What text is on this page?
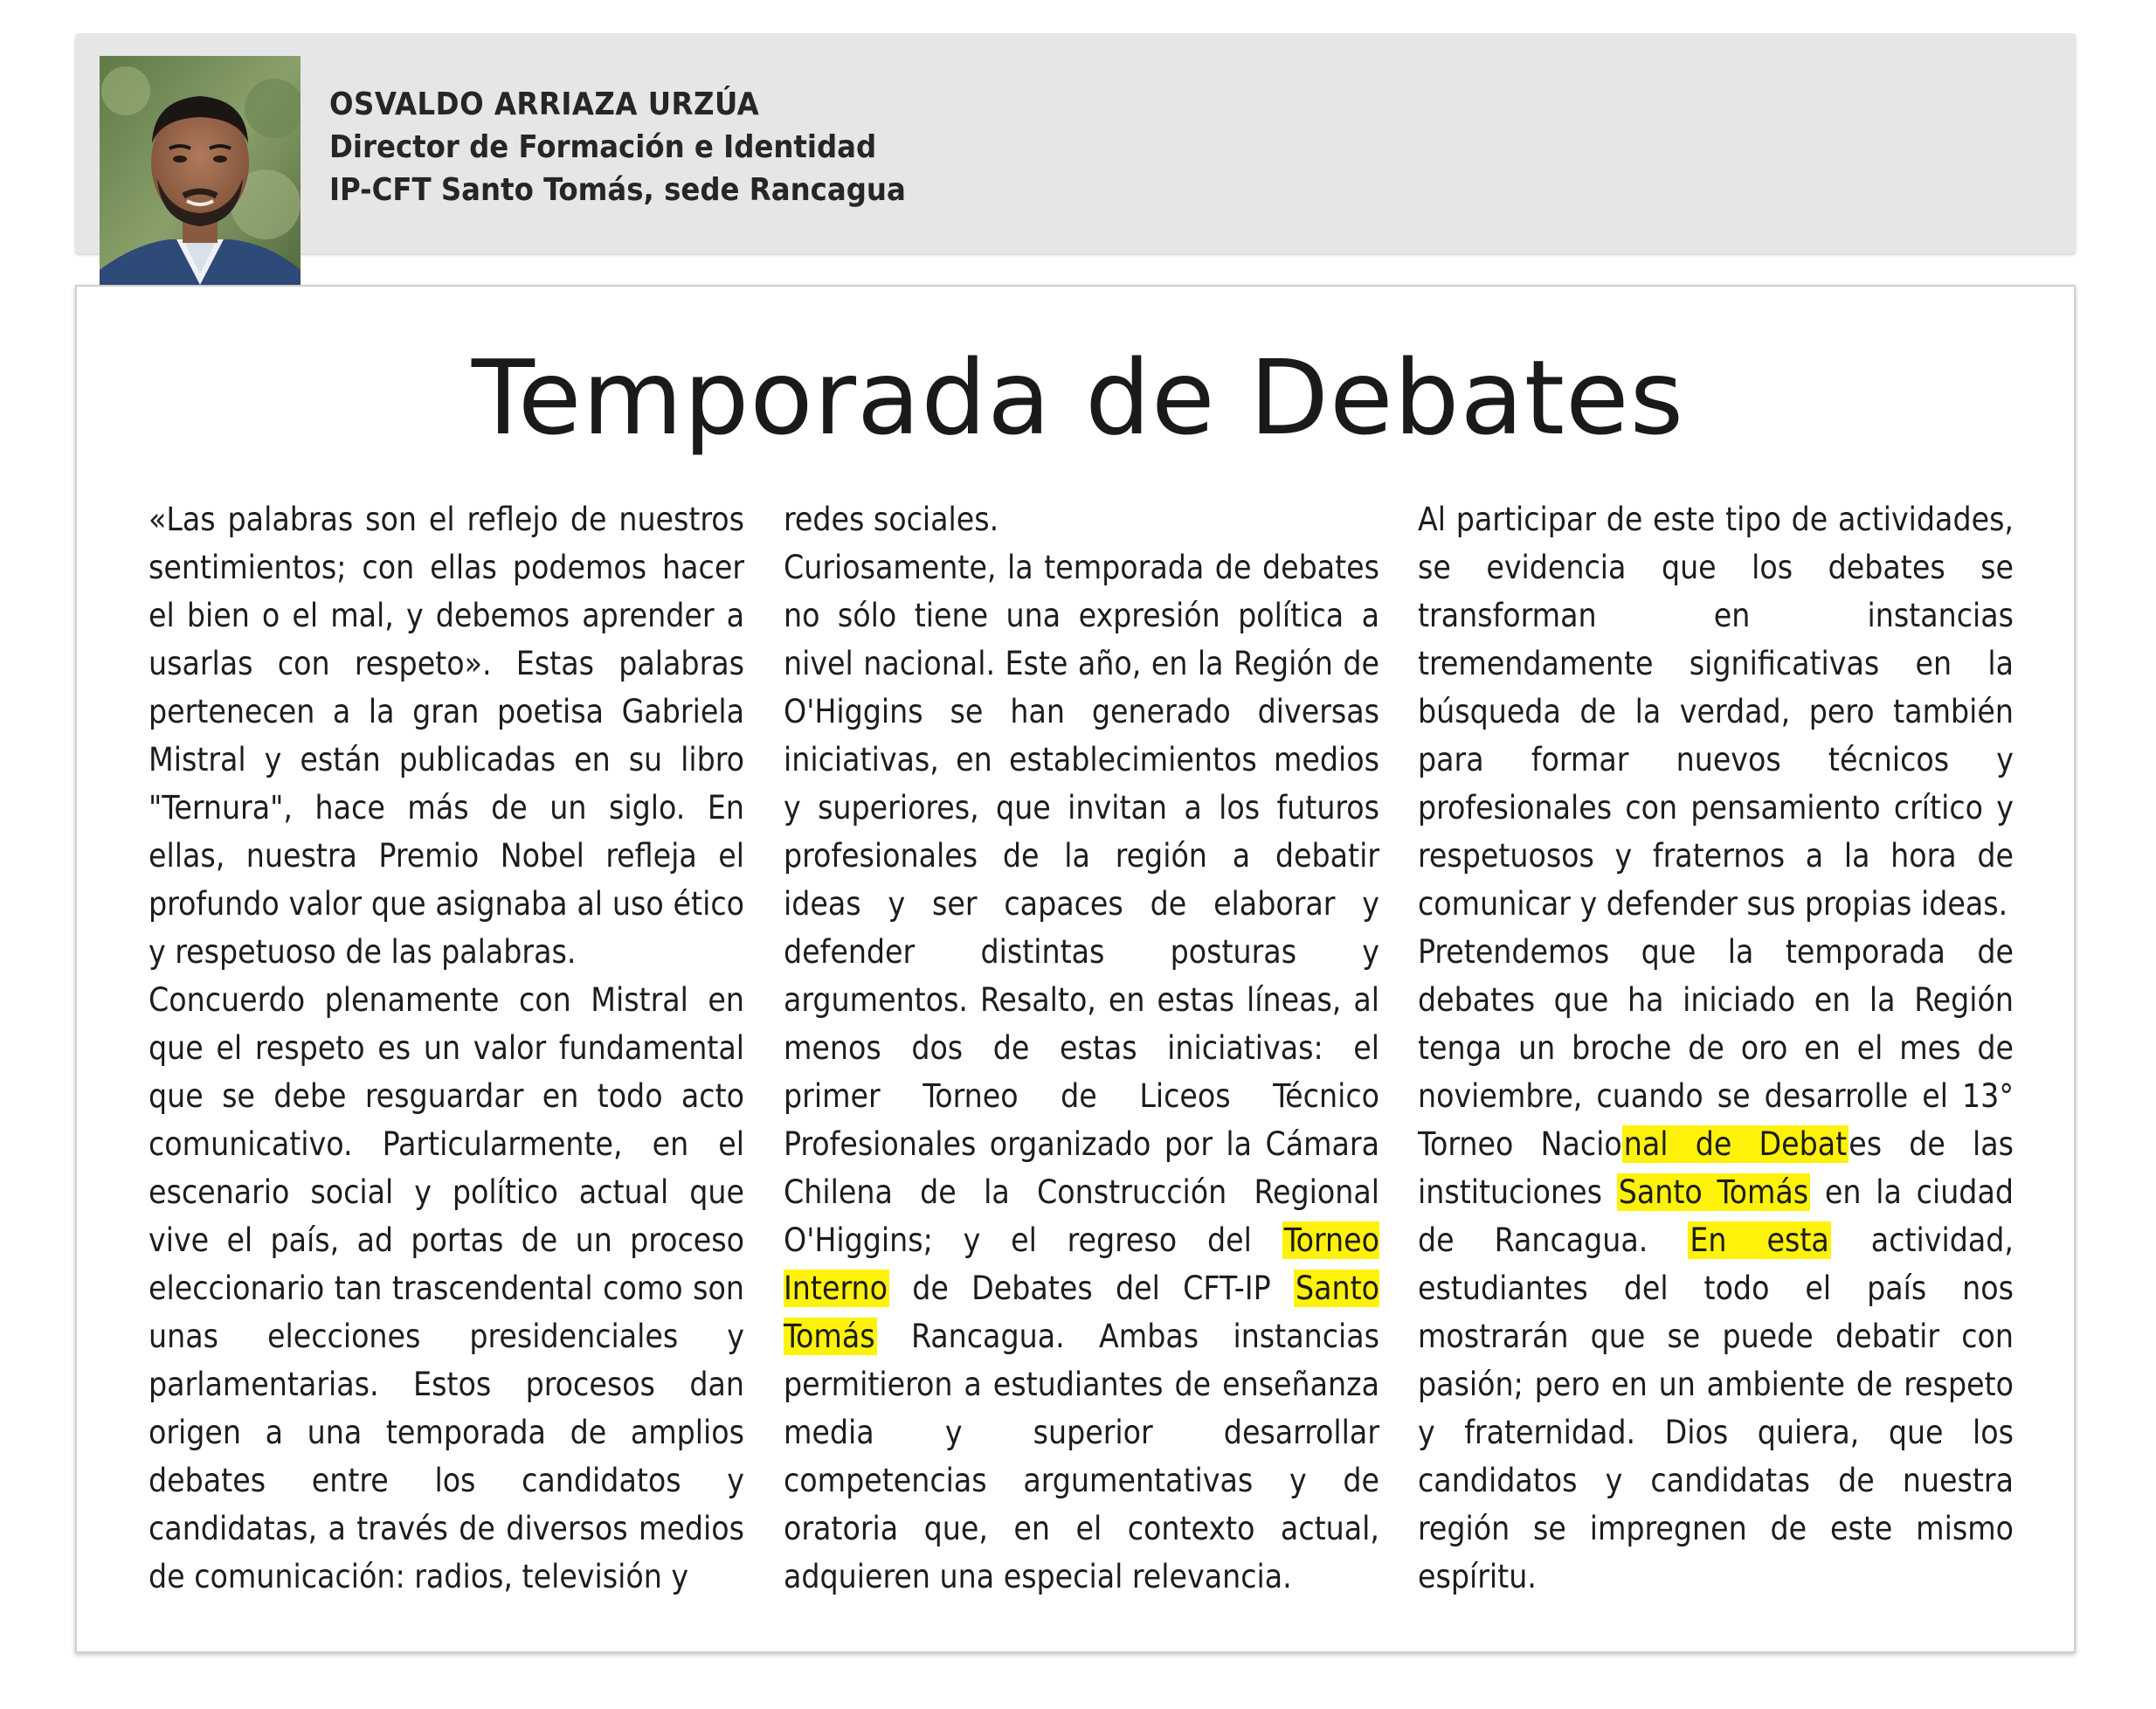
OSVALDO ARRIAZA URZÚA
Director de Formación e Identidad
IP-CFT Santo Tomás, sede Rancagua
Temporada de Debates

«Las palabras son el reflejo de nuestros sentimientos; con ellas podemos hacer el bien o el mal, y debemos aprender a usarlas con respeto». Estas palabras pertenecen a la gran poetisa Gabriela Mistral y están publicadas en su libro "Ternura", hace más de un siglo. En ellas, nuestra Premio Nobel refleja el profundo valor que asignaba al uso ético y respetuoso de las palabras.

Concuerdo plenamente con Mistral en que el respeto es un valor fundamental que se debe resguardar en todo acto comunicativo. Particularmente, en el escenario social y político actual que vive el país, ad portas de un proceso eleccionario tan trascendental como son unas elecciones presidenciales y parlamentarias. Estos procesos dan origen a una temporada de amplios debates entre los candidatos y candidatas, a través de diversos medios de comunicación: radios, televisión y

redes sociales.

Curiosamente, la temporada de debates no sólo tiene una expresión política a nivel nacional. Este año, en la Región de O'Higgins se han generado diversas iniciativas, en establecimientos medios y superiores, que invitan a los futuros profesionales de la región a debatir ideas y ser capaces de elaborar y defender distintas posturas y argumentos. Resalto, en estas líneas, al menos dos de estas iniciativas: el primer Torneo de Liceos Técnico Profesionales organizado por la Cámara Chilena de la Construcción Regional O'Higgins; y el regreso del Torneo Interno de Debates del CFT-IP Santo Tomás Rancagua. Ambas instancias permitieron a estudiantes de enseñanza media y superior desarrollar competencias argumentativas y de oratoria que, en el contexto actual, adquieren una especial relevancia.

Al participar de este tipo de actividades, se evidencia que los debates se transforman en instancias tremendamente significativas en la búsqueda de la verdad, pero también para formar nuevos técnicos y profesionales con pensamiento crítico y respetuosos y fraternos a la hora de comunicar y defender sus propias ideas.

Pretendemos que la temporada de debates que ha iniciado en la Región tenga un broche de oro en el mes de noviembre, cuando se desarrolle el 13° Torneo Nacional de Debates de las instituciones Santo Tomás en la ciudad de Rancagua. En esta actividad, estudiantes del todo el país nos mostrarán que se puede debatir con pasión; pero en un ambiente de respeto y fraternidad. Dios quiera, que los candidatos y candidatas de nuestra región se impregnen de este mismo espíritu.
